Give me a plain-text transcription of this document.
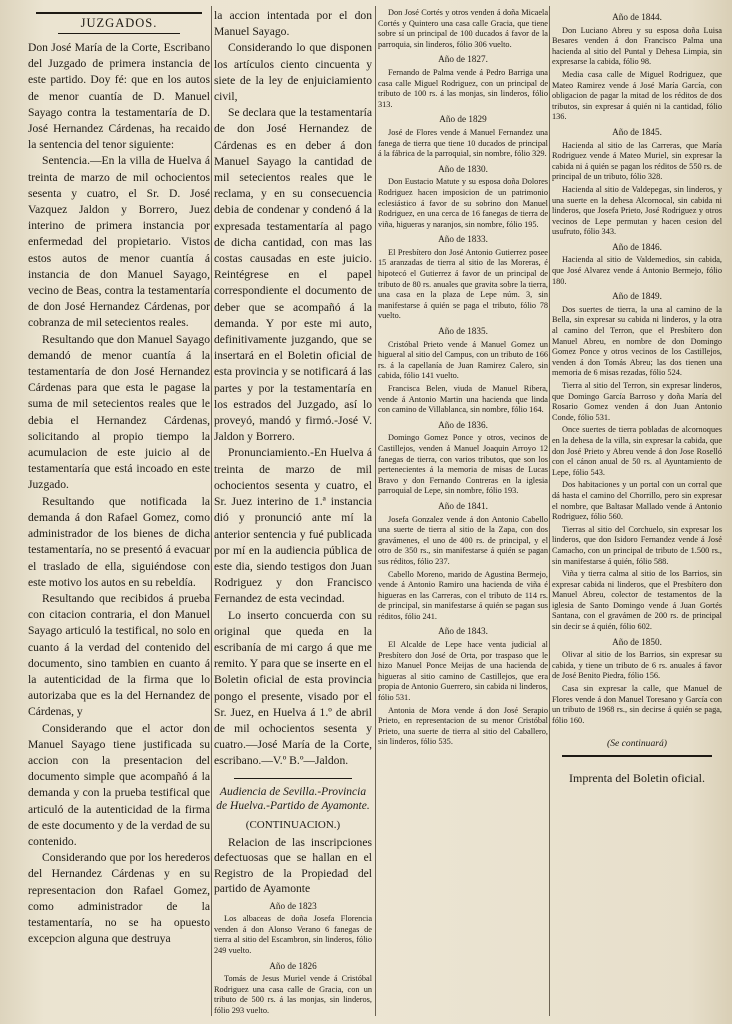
JUZGADOS.

Don José María de la Corte, Escribano del Juzgado de primera instancia de este partido. Doy fé: que en los autos de menor cuantía de D. Manuel Sayago contra la testamentaría de D. José Hernandez Cárdenas, ha recaido la sentencia del tenor siguiente:

Sentencia.—En la villa de Huelva á treinta de marzo de mil ochocientos sesenta y cuatro, el Sr. D. José Vazquez Jaldon y Borrero, Juez interino de primera instancia por enfermedad del propietario. Vistos estos autos de menor cuantía á instancia de don Manuel Sayago, vecino de Beas, contra la testamentaría de don José Hernandez Cárdenas, por cobranza de mil setecientos reales.

Resultando que don Manuel Sayago demandó de menor cuantía á la testamentaría de don José Hernandez Cárdenas para que esta le pagase la suma de mil setecientos reales que le debia el Hernandez Cárdenas, solicitando al propio tiempo la acumulacion de este juicio al de testamentaría que está incoado en este Juzgado.

Resultando que notificada la demanda á don Rafael Gomez, como administrador de los bienes de dicha testamentaría, no se presentó á evacuar el traslado de ella, siguiéndose con este motivo los autos en su rebeldía.

Resultando que recibidos á prueba con citacion contraria, el don Manuel Sayago articuló la testifical, no solo en cuanto á la verdad del contenido del documento, sino tambien en cuanto á la autenticidad de la firma que lo autorizaba que es la del Hernandez de Cárdenas, y

Considerando que el actor don Manuel Sayago tiene justificada su accion con la presentacion del documento simple que acompañó á la demanda y con la prueba testifical que articuló de la autenticidad de la firma de este documento y de la verdad de su contenido.

Considerando que por los herederos del Hernandez Cárdenas y en su representacion don Rafael Gomez, como administrador de la testamentaría, no se ha opuesto excepcion alguna que destruya

la accion intentada por el don Manuel Sayago.

Considerando lo que disponen los artículos ciento cincuenta y siete de la ley de enjuiciamiento civil,

Se declara que la testamentaría de don José Hernandez de Cárdenas es en deber á don Manuel Sayago la cantidad de mil setecientos reales que le reclama, y en su consecuencia debia de condenar y condenó á la expresada testamentaría al pago de dicha cantidad, con mas las costas causadas en este juicio. Reintégrese en el papel correspondiente el documento de deber que se acompañó á la demanda. Y por este mi auto, definitivamente juzgando, que se insertará en el Boletin oficial de esta provincia y se notificará á las partes y por la testamentaría en los estrados del Juzgado, así lo proveyó, mandó y firmó.-José V. Jaldon y Borrero.

Pronunciamiento.-En Huelva á treinta de marzo de mil ochocientos sesenta y cuatro, el Sr. Juez interino de 1.ª instancia dió y pronunció ante mí la anterior sentencia y fué publicada por mí en la audiencia pública de este dia, siendo testigos don Juan Rodriguez y don Francisco Fernandez de esta vecindad.

Lo inserto concuerda con su original que queda en la escribanía de mi cargo á que me remito. Y para que se inserte en el Boletin oficial de esta provincia pongo el presente, visado por el Sr. Juez, en Huelva á 1.º de abril de mil ochocientos sesenta y cuatro.—José María de la Corte, escribano.—V.º B.º—Jaldon.

Audiencia de Sevilla.-Provincia de Huelva.-Partido de Ayamonte.
(CONTINUACION.)

Relacion de las inscripciones defectuosas que se hallan en el Registro de la Propiedad del partido de Ayamonte

Año de 1823

Los albaceas de doña Josefa Florencia venden á don Alonso Verano 6 fanegas de tierra al sitio del Escambron, sin linderos, fólio 249 vuelto.

Año de 1826

Tomás de Jesus Muriel vende á Cristóbal Rodriguez una casa calle de Gracia, con un tributo de 500 rs. á las monjas, sin linderos, fólio 293 vuelto.

Don José Cortés y otros venden á doña Micaela Cortés y Quintero una casa calle Gracia, que tiene sobre sí un principal de 100 ducados á favor de la parroquia, sin linderos, fólio 306 vuelto.

Año de 1827.

Fernando de Palma vende á Pedro Barriga una casa calle Miguel Rodriguez, con un principal de tributo de 100 rs. á las monjas, sin linderos, fólio 313.

Año de 1829

José de Flores vende á Manuel Fernandez una fanega de tierra que tiene 10 ducados de principal á la fábrica de la parroquial, sin nombre, fólio 329.

Año de 1830.

Don Eustacio Matute y su esposa doña Dolores Rodriguez hacen imposicion de un patrimonio eclesiástico á favor de su sobrino don Manuel Rodriguez, en una cerca de 16 fanegas de tierra de viña, higueras y naranjos, sin nombre, fólio 195.

Año de 1833.

El Presbítero don José Antonio Gutierrez posee 15 aranzadas de tierra al sitio de las Moreras, é hipotecó el Gutierrez á favor de un principal de tributo de 80 rs. anuales que gravita sobre la tierra, una casa en la plaza de Lepe núm. 3, sin manifestarse á quién se paga el tributo, fólio 78 vuelto.

Año de 1835.

Cristóbal Prieto vende á Manuel Gomez un higueral al sitio del Campus, con un tributo de 166 rs. á la capellanía de Juan Ramirez Calero, sin cabida, fólio 141 vuelto.

Francisca Belen, viuda de Manuel Ribera, vende á Antonio Martin una hacienda que linda con camino de Villablanca, sin nombre, fólio 164.

Año de 1836.

Domingo Gomez Ponce y otros, vecinos de Castillejos, venden á Manuel Joaquin Arroyo 12 fanegas de tierra, con varios tributos, que son los pertenecientes á la memoria de misas de Lucas Bravo y don Fernando Contreras en la iglesia parroquial de Lepe, sin nombre, fólio 193.

Año de 1841.

Josefa Gonzalez vende á don Antonio Cabello una suerte de tierra al sitio de la Zapa, con dos gravámenes, el uno de 400 rs. de principal, y el otro de 350 rs., sin manifestarse á quién se pagan sus réditos, fólio 237.

Cabello Moreno, marido de Agustina Bermejo, vende á Antonio Ramiro una hacienda de viña é higueras en las Carreras, con el tributo de 114 rs. de principal, sin manifestarse á quién se pagan sus réditos, fólio 241.

Año de 1843.

El Alcalde de Lepe hace venta judicial al Presbítero don José de Orta, por traspaso que le hizo Manuel Ponce Meijas de una hacienda de higueras al sitio camino de Castillejos, que era propia de Antonio Guerrero, sin cabida ni linderos, fólio 531.

Antonia de Mora vende á don José Serapio Prieto, en representacion de su menor Cristóbal Prieto, una suerte de tierra al sitio del Caballero, sin linderos, fólio 535.

Año de 1844.

Don Luciano Abreu y su esposa doña Luisa Besares venden á don Francisco Palma una hacienda al sitio del Puntal y Dehesa Limpia, sin expresarse la cabida, fólio 98.

Media casa calle de Miguel Rodriguez, que Mateo Ramirez vende á José María García, con obligacion de pagar la mitad de los réditos de dos tributos, sin expresar á quién ni la cantidad, fólio 136.

Año de 1845.

Hacienda al sitio de las Carreras, que María Rodriguez vende á Mateo Muriel, sin expresar la cabida ni á quién se pagan los réditos de 550 rs. de principal de un tributo, fólio 328.

Hacienda al sitio de Valdepegas, sin linderos, y una suerte en la dehesa Alcornocal, sin cabida ni linderos, que Josefa Prieto, José Rodriguez y otros vecinos de Lepe permutan y hacen cesion del usufruto, fólio 343.

Año de 1846.

Hacienda al sitio de Valdemedios, sin cabida, que José Alvarez vende á Antonio Bermejo, fólio 180.

Año de 1849.

Dos suertes de tierra, la una al camino de la Bella, sin expresar su cabida ni linderos, y la otra al camino del Terron, que el Presbítero don Manuel Abreu, en nombre de don Domingo Gomez Ponce y otros vecinos de los Castillejos, venden á don Tomás Abreu; las dos tienen una memoria de 6 misas rezadas, fólio 524.

Tierra al sitio del Terron, sin expresar linderos, que Domingo García Barroso y doña María del Rosario Gomez venden á don Juan Antonio Conde, fólio 531.

Once suertes de tierra pobladas de alcornoques en la dehesa de la villa, sin expresar la cabida, que don José Prieto y Abreu vende á don Jose Roselló con el cánon anual de 50 rs. al Ayuntamiento de Lepe, fólio 543.

Dos habitaciones y un portal con un corral que dá hasta el camino del Chorrillo, pero sin expresar el nombre, que Baltasar Mallado vende á Antonio Rodriguez, fólio 560.

Tierras al sitio del Corchuelo, sin expresar los linderos, que don Isidoro Fernandez vende á José Camacho, con un principal de tributo de 1.500 rs., sin manifestarse á quién, fólio 588.

Viña y tierra calma al sitio de los Barrios, sin expresar cabida ni linderos, que el Presbítero don Manuel Abreu, colector de testamentos de la iglesia de Santo Domingo vende á Juan Gortés Santana, con el gravámen de 200 rs. de principal sin decir se á quién, fólio 602.

Año de 1850.

Olivar al sitio de los Barrios, sin expresar su cabida, y tiene un tributo de 6 rs. anuales á favor de José Benito Piedra, fólio 156.

Casa sin expresar la calle, que Manuel de Flores vende á don Manuel Toresano y García con un tributo de 1968 rs., sin decirse á quién se paga, fólio 160.

(Se continuará)
Imprenta del Boletin oficial.
